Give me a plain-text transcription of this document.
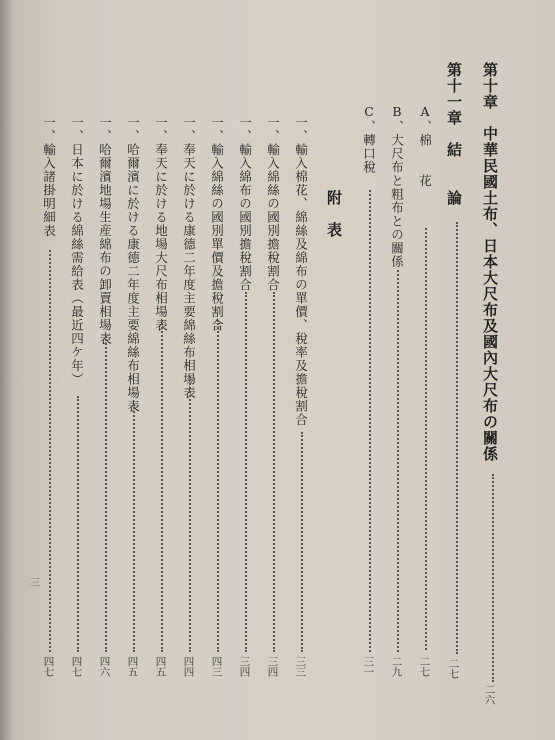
第十章　中華民國土布、日本大尺布及國內大尺布の關係
二六
第十一章　結　　論
二七
A、棉　　花
二七
B、大尺布と粗布との關係
二九
C、轉口稅
三一
附　表
一、輸入棉花、綿絲及綿布の單價、稅率及擔稅割合
三三
一、輸入綿絲の國別擔稅割合
三四
一、輸入綿布の國別擔稅割合
三四
一、輸入綿絲の國別單價及擔稅割合
四三
一、奉天に於ける康德二年度主要綿絲布相場表
四四
一、奉天に於ける地場大尺布相場表
四五
一、哈爾濱に於ける康德二年度主要綿絲布相場表
四五
一、哈爾濱地場生産綿布の卸賣相場表
四六
一、日本に於ける綿絲需給表（最近四ケ年）
四七
一、輸入諸掛明細表
四七
三
